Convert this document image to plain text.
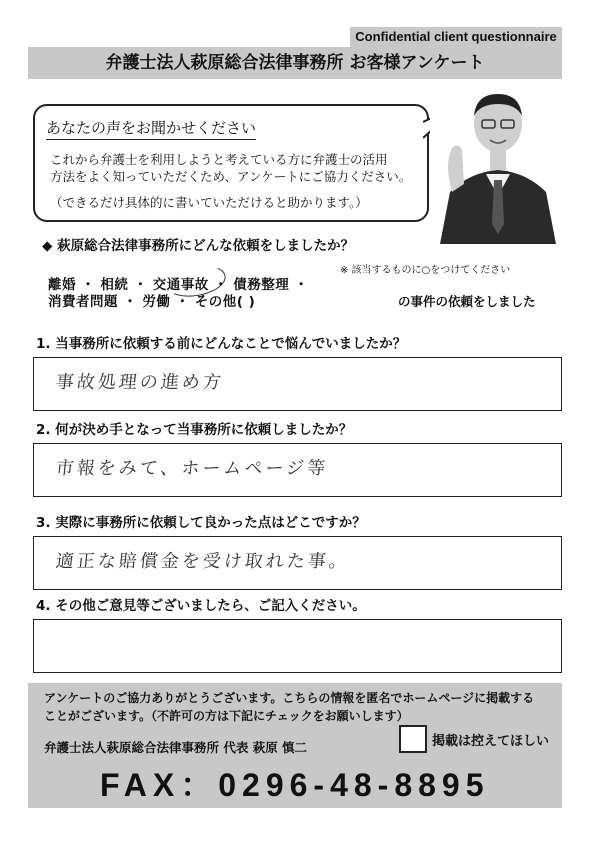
Confidential client questionnaire
弁護士法人萩原総合法律事務所 お客様アンケート
あなたの声をお聞かせください
これから弁護士を利用しようと考えている方に弁護士の活用
方法をよく知っていただくため、アンケートにご協力ください。
（できるだけ具体的に書いていただけると助かります。）
◆ 萩原総合法律事務所にどんな依頼をしましたか？
※ 該当するものに○をつけてください
離婚 ・ 相続 ・ 交通事故 ・ 債務整理 ・
消費者問題 ・ 労働 ・ その他( )	の事件の依頼をしました
1. 当事務所に依頼する前にどんなことで悩んでいましたか？
事故処理の進め方
2. 何が決め手となって当事務所に依頼しましたか？
市報をみて、ホームページ等
3. 実際に事務所に依頼して良かった点はどこですか？
適正な賠償金を受け取れた事。
4. その他ご意見等ございましたら、ご記入ください。
アンケートのご協力ありがとうございます。こちらの情報を匿名でホームページに掲載する
ことがございます。（不許可の方は下記にチェックをお願いします）
弁護士法人萩原総合法律事務所 代表 萩原 慎二	掲載は控えてほしい
FAX：0296-48-8895
